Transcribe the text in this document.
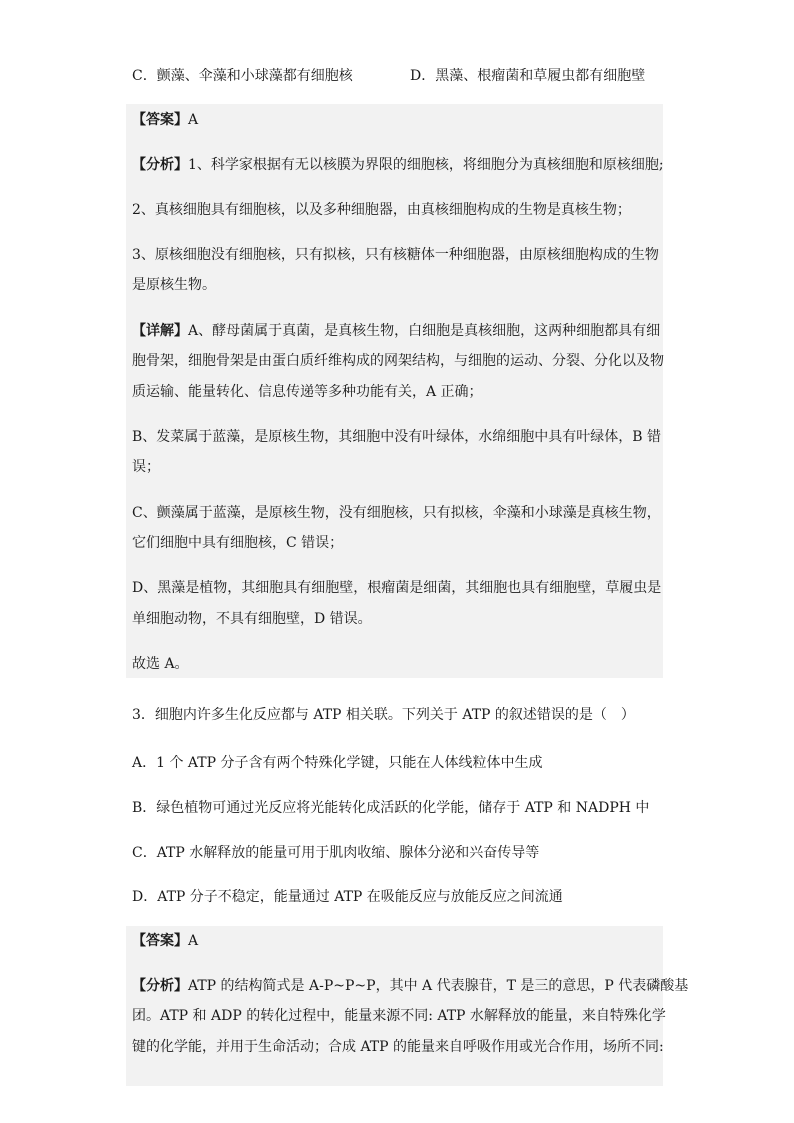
C．颤藻、伞藻和小球藻都有细胞核	D．黑藻、根瘤菌和草履虫都有细胞壁
【答案】A
【分析】1、科学家根据有无以核膜为界限的细胞核，将细胞分为真核细胞和原核细胞;
2、真核细胞具有细胞核，以及多种细胞器，由真核细胞构成的生物是真核生物；
3、原核细胞没有细胞核，只有拟核，只有核糖体一种细胞器，由原核细胞构成的生物
是原核生物。
【详解】A、酵母菌属于真菌，是真核生物，白细胞是真核细胞，这两种细胞都具有细
胞骨架，细胞骨架是由蛋白质纤维构成的网架结构，与细胞的运动、分裂、分化以及物
质运输、能量转化、信息传递等多种功能有关，A 正确；
B、发菜属于蓝藻，是原核生物，其细胞中没有叶绿体，水绵细胞中具有叶绿体，B 错
误；
C、颤藻属于蓝藻，是原核生物，没有细胞核，只有拟核，伞藻和小球藻是真核生物，
它们细胞中具有细胞核，C 错误；
D、黑藻是植物，其细胞具有细胞壁，根瘤菌是细菌，其细胞也具有细胞壁，草履虫是
单细胞动物，不具有细胞壁，D 错误。
故选 A。
3．细胞内许多生化反应都与 ATP 相关联。下列关于 ATP 的叙述错误的是（　）
A．1 个 ATP 分子含有两个特殊化学键，只能在人体线粒体中生成
B．绿色植物可通过光反应将光能转化成活跃的化学能，储存于 ATP 和 NADPH 中
C．ATP 水解释放的能量可用于肌肉收缩、腺体分泌和兴奋传导等
D．ATP 分子不稳定，能量通过 ATP 在吸能反应与放能反应之间流通
【答案】A
【分析】ATP 的结构简式是 A-P~P~P，其中 A 代表腺苷，T 是三的意思，P 代表磷酸基
团。ATP 和 ADP 的转化过程中，能量来源不同: ATP 水解释放的能量，来自特殊化学
键的化学能，并用于生命活动；合成 ATP 的能量来自呼吸作用或光合作用，场所不同:
